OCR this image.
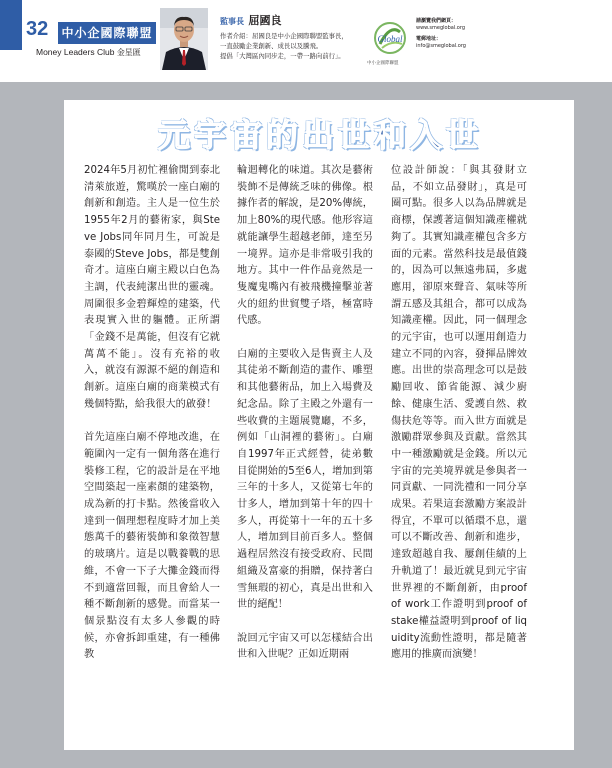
32 中小企國際聯盟
Money Leaders Club 金星匯
監事長 屈國良
作者介紹：屈國良是中小企國際聯盟監事長，
一直鼓勵企業創新、成長以及騰飛。
提倡「大灣區內同步走，一帶一路向前行」。
Global
中小企國際聯盟
請瀏覽我們網頁：
www.smeglobal.org
電郵地址：
info@smeglobal.org
元宇宙的出世和入世

2024年5月初忙裡偷閒到泰北清萊旅遊，驚嘆於一座白廟的創新和創造。主人是一位生於1955年2月的藝術家，與Steve Jobs同年同月生，可說是泰國的Steve Jobs，都是雙創奇才。這座白廟主殿以白色為主調，代表純潔出世的靈魂。周圍很多金碧輝煌的建築，代表現實入世的軀體。正所謂「金錢不是萬能，但沒有它就萬萬不能」。沒有充裕的收入，就沒有源源不絕的創造和創新。這座白廟的商業模式有幾個特點，給我很大的啟發！

首先這座白廟不停地改進，在範圍內一定有一個角落在進行裝修工程，它的設計是在平地空間築起一座素顏的建築物，成為新的打卡點。然後當收入達到一個理想程度時才加上美態萬千的藝術裝飾和象徵智慧的玻璃片。這是以戰養戰的思維，不會一下子大攤金錢而得不到適當回報，而且會給人一種不斷創新的感覺。而當某一個景點沒有太多人參觀的時候，亦會拆卸重建，有一種佛教

輪迴轉化的味道。其次是藝術裝飾不是傳統乏味的佛像。根據作者的解說，是20%傳統，加上80%的現代感。他形容這就能讓學生超越老師，達至另一境界。這亦是非常吸引我的地方。其中一件作品竟然是一隻魔鬼嘴內有被飛機撞擊並著火的紐約世貿雙子塔，極富時代感。

白廟的主要收入是售賣主人及其徒弟不斷創造的畫作、雕塑和其他藝術品，加上入場費及紀念品。除了主殿之外還有一些收費的主題展覽廳，不多，例如「山洞裡的藝術」。白廟自1997年正式經營，徒弟數目從開始的5至6人，增加到第三年的十多人，又從第七年的廿多人，增加到第十年的四十多人，再從第十一年的五十多人，增加到目前百多人。整個過程居然沒有接受政府、民間組織及富豪的捐贈，保持著白雪無瑕的初心，真是出世和入世的絕配！

說回元宇宙又可以怎樣結合出世和入世呢？正如近期兩

位設計師說：「與其發財立品，不如立品發財」，真是可圈可點。很多人以為品牌就是商標，保護著這個知識產權就夠了。其實知識產權包含多方面的元素。當然科技是最值錢的，因為可以無遠弗屆，多處應用，卻原來聲音、氣味等所謂五感及其組合，都可以成為知識產權。因此，同一個理念的元宇宙，也可以運用創造力建立不同的內容，發揮品牌效應。出世的崇高理念可以是鼓勵回收、節省能源、減少廚餘、健康生活、愛護自然、救傷扶危等等。而入世方面就是激勵群眾參與及貢獻。當然其中一種激勵就是金錢。所以元宇宙的完美境界就是參與者一同貢獻、一同洗禮和一同分享成果。若果這套激勵方案設計得宜，不單可以循環不息，還可以不斷改善、創新和進步，達致超越自我、屢創佳績的上升軌道了！最近就見到元宇宙世界裡的不斷創新，由proof of work工作證明到proof of stake權益證明到proof of liquidity流動性證明，都是隨著應用的推廣而演變！
